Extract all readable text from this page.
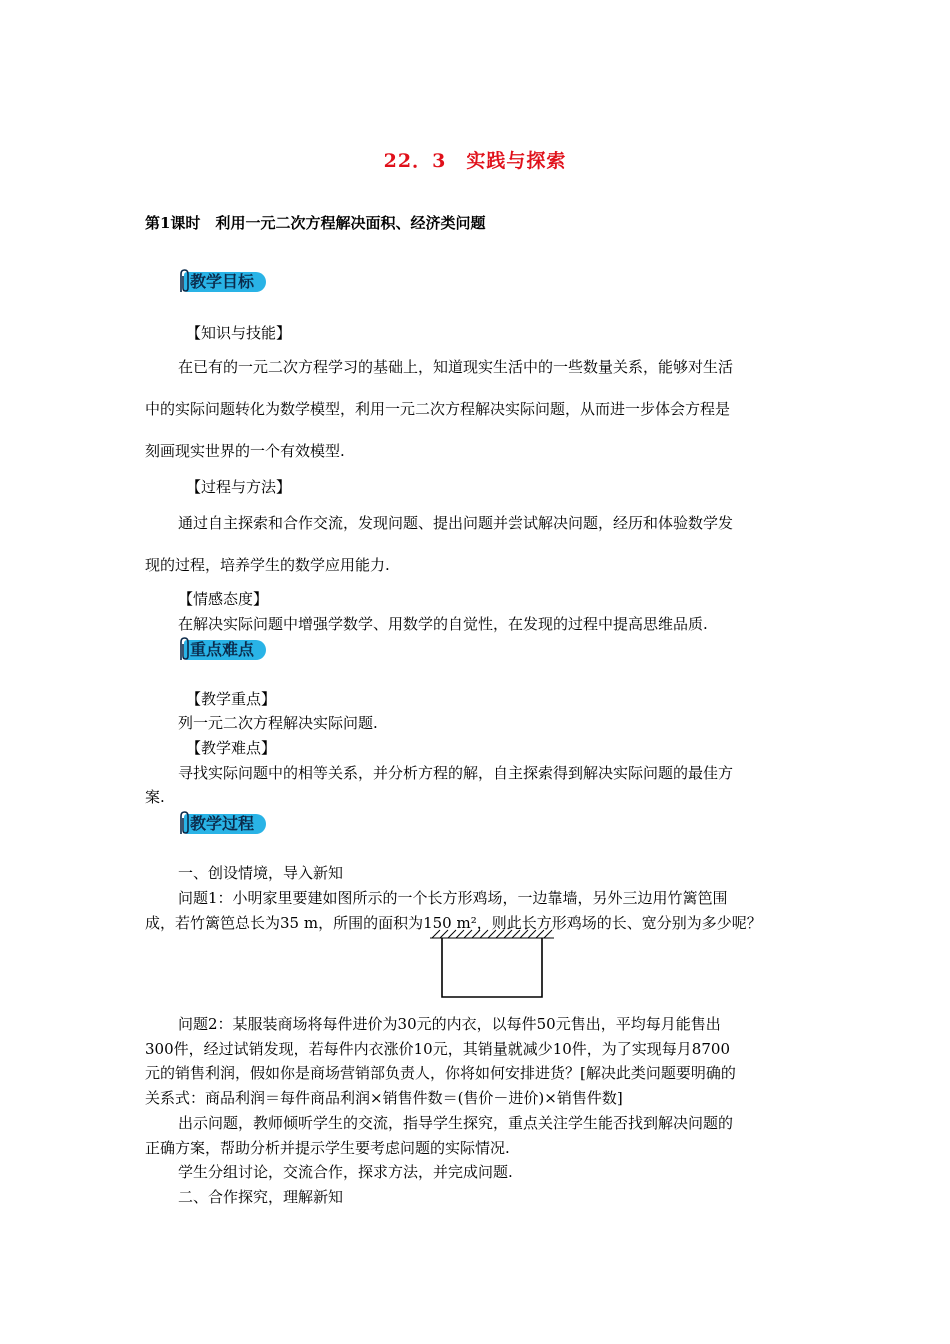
22．3　实践与探索
第1课时　利用一元二次方程解决面积、经济类问题
教学目标
【知识与技能】
在已有的一元二次方程学习的基础上，知道现实生活中的一些数量关系，能够对生活
中的实际问题转化为数学模型，利用一元二次方程解决实际问题，从而进一步体会方程是
刻画现实世界的一个有效模型.
【过程与方法】
通过自主探索和合作交流，发现问题、提出问题并尝试解决问题，经历和体验数学发
现的过程，培养学生的数学应用能力.
【情感态度】
在解决实际问题中增强学数学、用数学的自觉性，在发现的过程中提高思维品质.
重点难点
【教学重点】
列一元二次方程解决实际问题.
【教学难点】
寻找实际问题中的相等关系，并分析方程的解，自主探索得到解决实际问题的最佳方
案.
教学过程
一、创设情境，导入新知
问题1：小明家里要建如图所示的一个长方形鸡场，一边靠墙，另外三边用竹篱笆围
成，若竹篱笆总长为35 m，所围的面积为150 m²，则此长方形鸡场的长、宽分别为多少呢？
问题2：某服装商场将每件进价为30元的内衣，以每件50元售出，平均每月能售出
300件，经过试销发现，若每件内衣涨价10元，其销量就减少10件，为了实现每月8700
元的销售利润，假如你是商场营销部负责人，你将如何安排进货？[解决此类问题要明确的
关系式：商品利润＝每件商品利润×销售件数＝(售价－进价)×销售件数]
出示问题，教师倾听学生的交流，指导学生探究，重点关注学生能否找到解决问题的
正确方案，帮助分析并提示学生要考虑问题的实际情况.
学生分组讨论，交流合作，探求方法，并完成问题.
二、合作探究，理解新知
